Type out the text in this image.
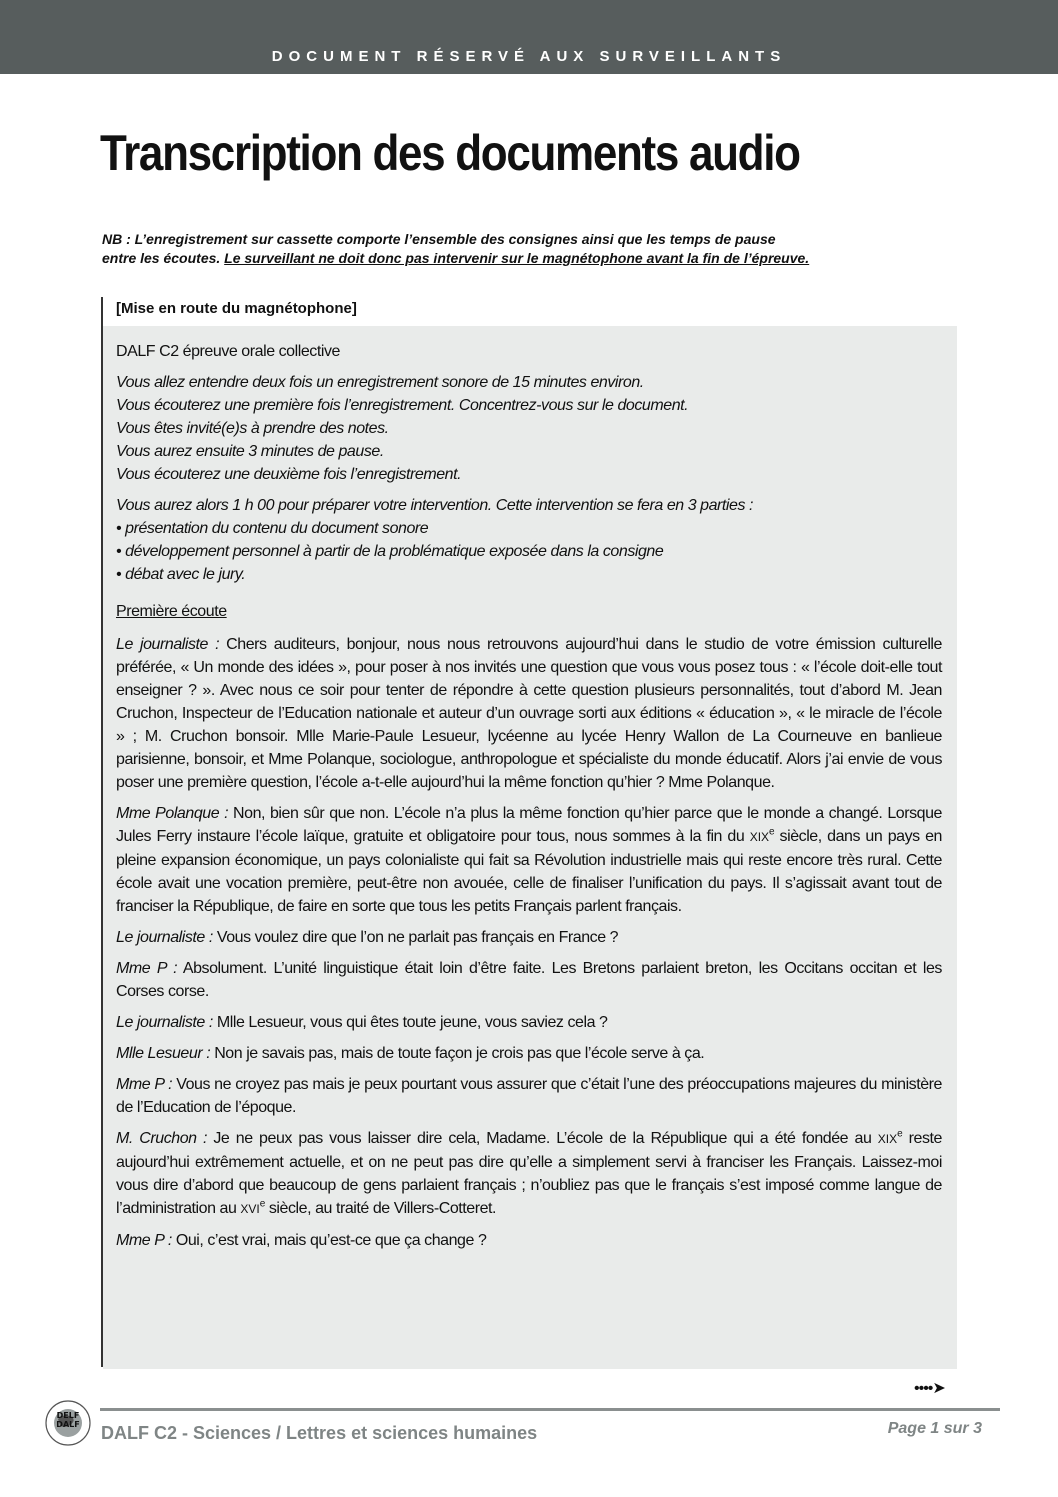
DOCUMENT RÉSERVÉ AUX SURVEILLANTS
Transcription des documents audio
NB : L’enregistrement sur cassette comporte l’ensemble des consignes ainsi que les temps de pause
entre les écoutes. Le surveillant ne doit donc pas intervenir sur le magnétophone avant la fin de l’épreuve.
[Mise en route du magnétophone]

DALF C2 épreuve orale collective

Vous allez entendre deux fois un enregistrement sonore de 15 minutes environ.

Vous écouterez une première fois l’enregistrement. Concentrez-vous sur le document.

Vous êtes invité(e)s à prendre des notes.

Vous aurez ensuite 3 minutes de pause.

Vous écouterez une deuxième fois l’enregistrement.

Vous aurez alors 1 h 00 pour préparer votre intervention. Cette intervention se fera en 3 parties :

• présentation du contenu du document sonore

• développement personnel à partir de la problématique exposée dans la consigne

• débat avec le jury.

Première écoute

Le journaliste : Chers auditeurs, bonjour, nous nous retrouvons aujourd’hui dans le studio de votre émission culturelle préférée, « Un monde des idées », pour poser à nos invités une question que vous vous posez tous : « l’école doit-elle tout enseigner ? ». Avec nous ce soir pour tenter de répondre à cette question plusieurs personnalités, tout d’abord M. Jean Cruchon, Inspecteur de l’Education nationale et auteur d’un ouvrage sorti aux éditions « éducation », « le miracle de l’école » ; M. Cruchon bonsoir. Mlle Marie-Paule Lesueur, lycéenne au lycée Henry Wallon de La Courneuve en banlieue parisienne, bonsoir, et Mme Polanque, sociologue, anthropologue et spécialiste du monde éducatif. Alors j’ai envie de vous poser une première question, l’école a-t-elle aujourd’hui la même fonction qu’hier ? Mme Polanque.

Mme Polanque : Non, bien sûr que non. L’école n’a plus la même fonction qu’hier parce que le monde a changé. Lorsque Jules Ferry instaure l’école laïque, gratuite et obligatoire pour tous, nous sommes à la fin du XIXe siècle, dans un pays en pleine expansion économique, un pays colonialiste qui fait sa Révolution industrielle mais qui reste encore très rural. Cette école avait une vocation première, peut-être non avouée, celle de finaliser l’unification du pays. Il s’agissait avant tout de franciser la République, de faire en sorte que tous les petits Français parlent français.

Le journaliste : Vous voulez dire que l’on ne parlait pas français en France ?

Mme P : Absolument. L’unité linguistique était loin d’être faite. Les Bretons parlaient breton, les Occitans occitan et les Corses corse.

Le journaliste : Mlle Lesueur, vous qui êtes toute jeune, vous saviez cela ?

Mlle Lesueur : Non je savais pas, mais de toute façon je crois pas que l’école serve à ça.

Mme P : Vous ne croyez pas mais je peux pourtant vous assurer que c’était l’une des préoccupations majeures du ministère de l’Education de l’époque.

M. Cruchon : Je ne peux pas vous laisser dire cela, Madame. L’école de la République qui a été fondée au XIXe reste aujourd’hui extrêmement actuelle, et on ne peut pas dire qu’elle a simplement servi à franciser les Français. Laissez-moi vous dire d’abord que beaucoup de gens parlaient français ; n’oubliez pas que le français s’est imposé comme langue de l’administration au XVIe siècle, au traité de Villers-Cotteret.

Mme P : Oui, c’est vrai, mais qu’est-ce que ça change ?

••••➤
DELF
DALF DALF C2 - Sciences / Lettres et sciences humaines	Page 1 sur 3
